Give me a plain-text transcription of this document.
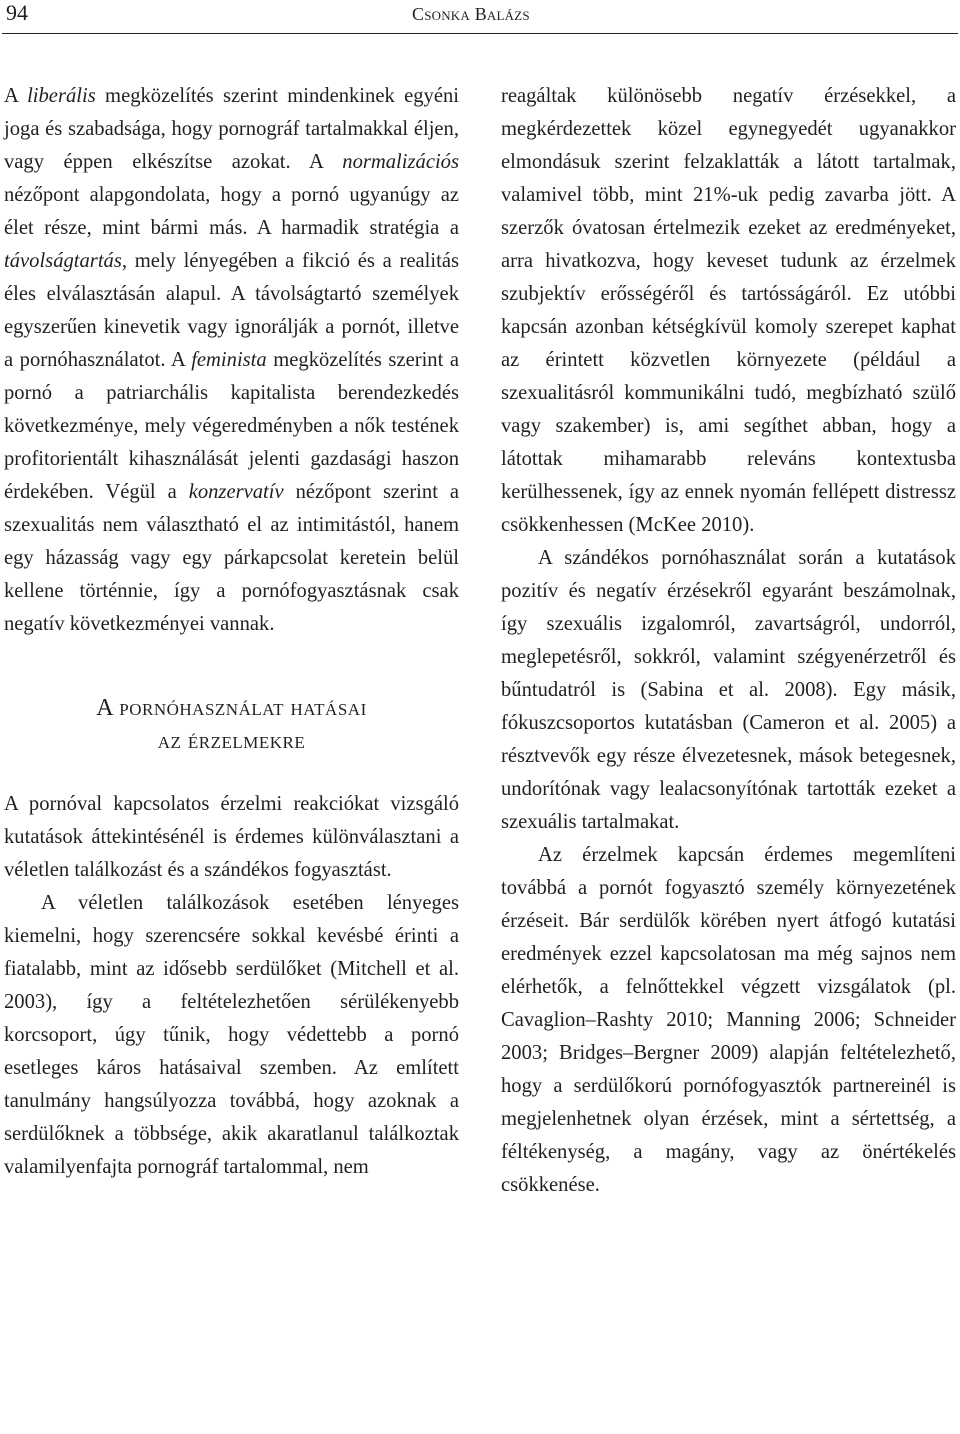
94	Csonka Balázs

A liberális megközelítés szerint mindenkinek egyéni joga és szabadsága, hogy pornográf tartalmakkal éljen, vagy éppen elkészítse azokat. A normalizációs nézőpont alapgondolata, hogy a pornó ugyanúgy az élet része, mint bármi más. A harmadik stratégia a távolságtartás, mely lényegében a fikció és a realitás éles elválasztásán alapul. A távolságtartó személyek egyszerűen kinevetik vagy ignorálják a pornót, illetve a pornóhasználatot. A feminista megközelítés szerint a pornó a patriarchális kapitalista berendezkedés következménye, mely végeredményben a nők testének profitorientált kihasználását jelenti gazdasági haszon érdekében. Végül a konzervatív nézőpont szerint a szexualitás nem választható el az intimitástól, hanem egy házasság vagy egy párkapcsolat keretein belül kellene történnie, így a pornófogyasztásnak csak negatív következményei vannak.

A pornóhasználat hatásai
az érzelmekre

A pornóval kapcsolatos érzelmi reakciókat vizsgáló kutatások áttekintésénél is érdemes különválasztani a véletlen találkozást és a szándékos fogyasztást.

A véletlen találkozások esetében lényeges kiemelni, hogy szerencsére sokkal kevésbé érinti a fiatalabb, mint az idősebb serdülőket (Mitchell et al. 2003), így a feltételezhetően sérülékenyebb korcsoport, úgy tűnik, hogy védettebb a pornó esetleges káros hatásaival szemben. Az említett tanulmány hangsúlyozza továbbá, hogy azoknak a serdülőknek a többsége, akik akaratlanul találkoztak valamilyenfajta pornográf tartalommal, nem

reagáltak különösebb negatív érzésekkel, a megkérdezettek közel egynegyedét ugyanakkor elmondásuk szerint felzaklatták a látott tartalmak, valamivel több, mint 21%-uk pedig zavarba jött. A szerzők óvatosan értelmezik ezeket az eredményeket, arra hivatkozva, hogy keveset tudunk az érzelmek szubjektív erősségéről és tartósságáról. Ez utóbbi kapcsán azonban kétségkívül komoly szerepet kaphat az érintett közvetlen környezete (például a szexualitásról kommunikálni tudó, megbízható szülő vagy szakember) is, ami segíthet abban, hogy a látottak mihamarabb releváns kontextusba kerülhessenek, így az ennek nyomán fellépett distressz csökkenhessen (McKee 2010).

A szándékos pornóhasználat során a kutatások pozitív és negatív érzésekről egyaránt beszámolnak, így szexuális izgalomról, zavartságról, undorról, meglepetésről, sokkról, valamint szégyenérzetről és bűntudatról is (Sabina et al. 2008). Egy másik, fókuszcsoportos kutatásban (Cameron et al. 2005) a résztvevők egy része élvezetesnek, mások betegesnek, undorítónak vagy lealacsonyítónak tartották ezeket a szexuális tartalmakat.

Az érzelmek kapcsán érdemes megemlíteni továbbá a pornót fogyasztó személy környezetének érzéseit. Bár serdülők körében nyert átfogó kutatási eredmények ezzel kapcsolatosan ma még sajnos nem elérhetők, a felnőttekkel végzett vizsgálatok (pl. Cavaglion–Rashty 2010; Manning 2006; Schneider 2003; Bridges–Bergner 2009) alapján feltételezhető, hogy a serdülőkorú pornófogyasztók partnereinél is megjelenhetnek olyan érzések, mint a sértettség, a féltékenység, a magány, vagy az önértékelés csökkenése.
